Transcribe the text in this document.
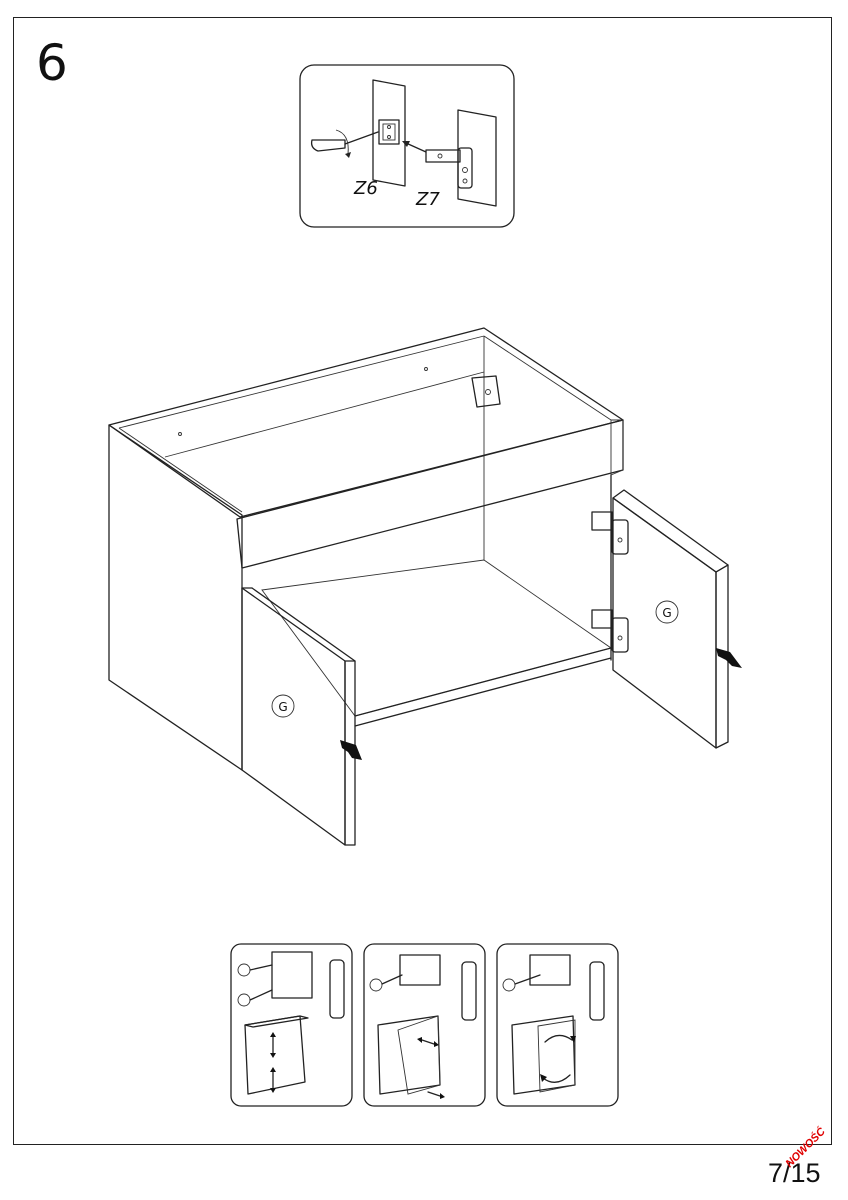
6
Z6
Z7
G
G
7/15
NOWOŚĆ
